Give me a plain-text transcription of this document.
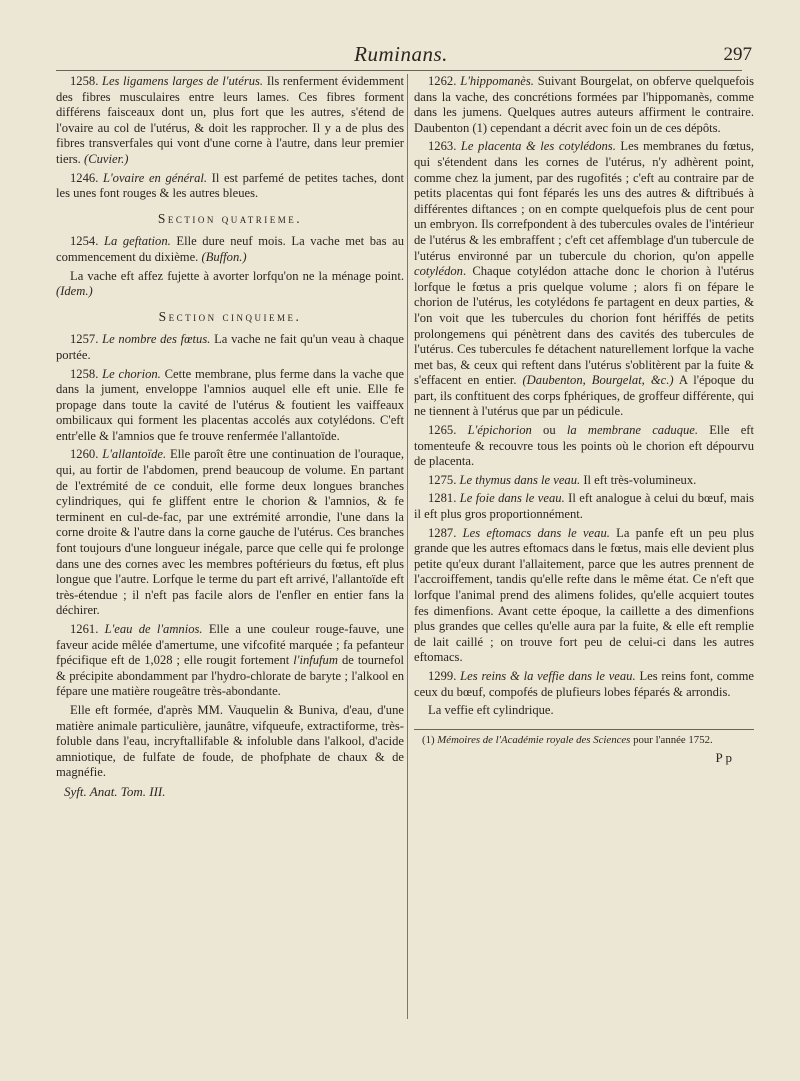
Ruminans.	297

1258. Les ligamens larges de l'utérus. Ils renferment évidemment des fibres musculaires entre leurs lames. Ces fibres forment différens faisceaux dont un, plus fort que les autres, s'étend de l'ovaire au col de l'utérus, & doit les rapprocher. Il y a de plus des fibres transverfales qui vont d'une corne à l'autre, dans leur premier tiers. (Cuvier.)

1246. L'ovaire en général. Il est parfemé de petites taches, dont les unes font rouges & les autres bleues.

Section quatrieme.

1254. La geftation. Elle dure neuf mois. La vache met bas au commencement du dixième. (Buffon.)

La vache eft affez fujette à avorter lorfqu'on ne la ménage point. (Idem.)

Section cinquieme.

1257. Le nombre des fœtus. La vache ne fait qu'un veau à chaque portée.

1258. Le chorion. Cette membrane, plus ferme dans la vache que dans la jument, enveloppe l'amnios auquel elle eft unie. Elle fe propage dans toute la cavité de l'utérus & foutient les vaiffeaux ombilicaux qui forment les placentas accolés aux cotylédons. C'eft entr'elle & l'amnios que fe trouve renfermée l'allantoïde.

1260. L'allantoïde. Elle paroît être une continuation de l'ouraque, qui, au fortir de l'abdomen, prend beaucoup de volume. En partant de l'extrémité de ce conduit, elle forme deux longues branches cylindriques, qui fe gliffent entre le chorion & l'amnios, & fe terminent en cul-de-fac, par une extrémité arrondie, l'une dans la corne droite & l'autre dans la corne gauche de l'utérus. Ces branches font toujours d'une longueur inégale, parce que celle qui fe prolonge dans une des cornes avec les membres poftérieurs du fœtus, eft plus longue que l'autre. Lorfque le terme du part eft arrivé, l'allantoïde eft très-étendue ; il n'eft pas facile alors de l'enfler en entier fans la déchirer.

1261. L'eau de l'amnios. Elle a une couleur rouge-fauve, une faveur acide mêlée d'amertume, une vifcofité marquée ; fa pefanteur fpécifique eft de 1,028 ; elle rougit fortement l'infufum de tournefol & précipite abondamment par l'hydro-chlorate de baryte ; l'alkool en fépare une matière rougeâtre très-abondante.

Elle eft formée, d'après MM. Vauquelin & Buniva, d'eau, d'une matière animale particulière, jaunâtre, vifqueufe, extractiforme, très-foluble dans l'eau, incryftallifable & infoluble dans l'alkool, d'acide amniotique, de fulfate de foude, de phofphate de chaux & de magnéfie.

Syft. Anat. Tom. III.

1262. L'hippomanès. Suivant Bourgelat, on obferve quelquefois dans la vache, des concrétions formées par l'hippomanès, comme dans les jumens. Quelques autres auteurs affirment le contraire. Daubenton (1) cependant a décrit avec foin un de ces dépôts.

1263. Le placenta & les cotylédons. Les membranes du fœtus, qui s'étendent dans les cornes de l'utérus, n'y adhèrent point, comme chez la jument, par des rugofités ; c'eft au contraire par de petits placentas qui font féparés les uns des autres & diftribués à différentes diftances ; on en compte quelquefois plus de cent pour un embryon. Ils correfpondent à des tubercules ovales de l'intérieur de l'utérus & les embraffent ; c'eft cet affemblage d'un tubercule de l'utérus environné par un tubercule du chorion, qu'on appelle cotylédon. Chaque cotylédon attache donc le chorion à l'utérus lorfque le fœtus a pris quelque volume ; alors fi on fépare le chorion de l'utérus, les cotylédons fe partagent en deux parties, & l'on voit que les tubercules du chorion font hériffés de petits prolongemens qui pénètrent dans des cavités des tubercules de l'utérus. Ces tubercules fe détachent naturellement lorfque la vache met bas, & ceux qui reftent dans l'utérus s'oblitèrent par la fuite & s'effacent en entier. (Daubenton, Bourgelat, &c.) A l'époque du part, ils conftituent des corps fphériques, de groffeur différente, qui ne tiennent à l'utérus que par un pédicule.

1265. L'épichorion ou la membrane caduque. Elle eft tomenteufe & recouvre tous les points où le chorion eft dépourvu de placenta.

1275. Le thymus dans le veau. Il eft très-volumineux.

1281. Le foie dans le veau. Il eft analogue à celui du bœuf, mais il eft plus gros proportionnément.

1287. Les eftomacs dans le veau. La panfe eft un peu plus grande que les autres eftomacs dans le fœtus, mais elle devient plus petite qu'eux durant l'allaitement, parce que les autres prennent de l'accroiffement, tandis qu'elle refte dans le même état. Ce n'eft que lorfque l'animal prend des alimens folides, qu'elle acquiert toutes fes dimenfions. Avant cette époque, la caillette a des dimenfions plus grandes que celles qu'elle aura par la fuite, & elle eft remplie de lait caillé ; on trouve fort peu de celui-ci dans les autres eftomacs.

1299. Les reins & la veffie dans le veau. Les reins font, comme ceux du bœuf, compofés de plufieurs lobes féparés & arrondis.

La veffie eft cylindrique.

(1) Mémoires de l'Académie royale des Sciences pour l'année 1752.

P p
